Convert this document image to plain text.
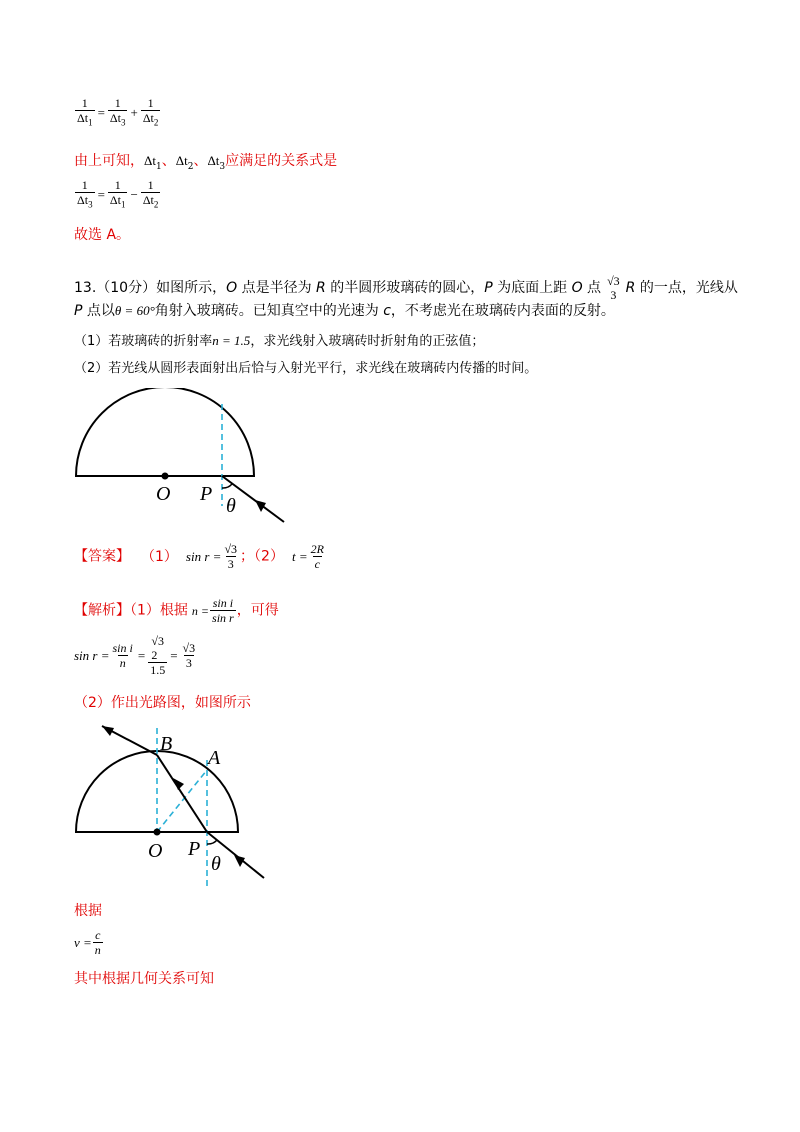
$\frac{1}{\Delta t_1} = \frac{1}{\Delta t_3} + \frac{1}{\Delta t_2}$
由上可知，$\Delta t_1$、$\Delta t_2$、$\Delta t_3$应满足的关系式是
$\frac{1}{\Delta t_3} = \frac{1}{\Delta t_1} - \frac{1}{\Delta t_2}$
故选 A。
13.（10分）如图所示，O 点是半径为 R 的半圆形玻璃砖的圆心，P 为底面上距 O 点 √3
3 R 的一点，光线从
P 点以θ = 60°角射入玻璃砖。已知真空中的光速为 c，不考虑光在玻璃砖内表面的反射。
（1）若玻璃砖的折射率n = 1.5，求光线射入玻璃砖时折射角的正弦值；
（2）若光线从圆形表面射出后恰与入射光平行，求光线在玻璃砖内传播的时间。
O P
θ
【答案】 （1） $\sin r = \frac{√3}{3}$ ；（2） $t = \frac{2R}{c}$
【解析】（1）根据 $n = \frac{\text{sin i}}{\text{sin r}}$ ，可得
$\sin r = \frac{\text{sin i}}{n} = √3$
2
$1.5 = \frac{√3}{3}$
（2）作出光路图，如图所示
B
A
O P
θ
根据
$v = \frac{c}{n}$
其中根据几何关系可知
